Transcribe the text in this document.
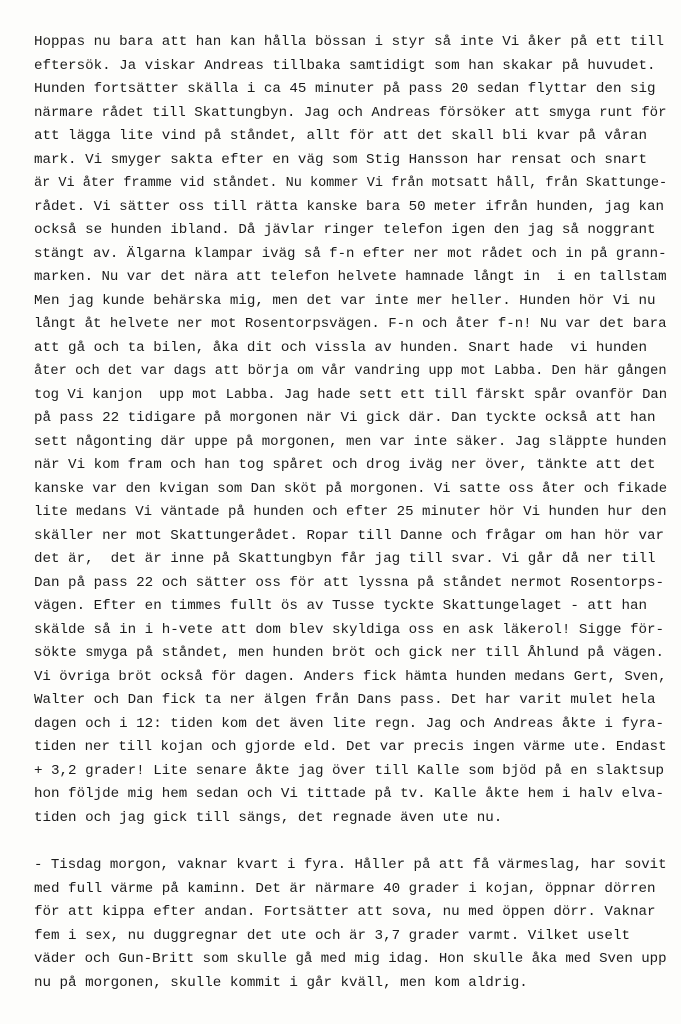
Hoppas nu bara att han kan hålla bössan i styr så inte Vi åker på ett till
eftersök. Ja viskar Andreas tillbaka samtidigt som han skakar på huvudet.
Hunden fortsätter skälla i ca 45 minuter på pass 20 sedan flyttar den sig
närmare rådet till Skattungbyn. Jag och Andreas försöker att smyga runt för
att lägga lite vind på ståndet, allt för att det skall bli kvar på våran
mark. Vi smyger sakta efter en väg som Stig Hansson har rensat och snart
är Vi åter framme vid ståndet. Nu kommer Vi från motsatt håll, från Skattunge-
rådet. Vi sätter oss till rätta kanske bara 50 meter ifrån hunden, jag kan
också se hunden ibland. Då jävlar ringer telefon igen den jag så noggrant
stängt av. Älgarna klampar iväg så f-n efter ner mot rådet och in på grann-
marken. Nu var det nära att telefon helvete hamnade långt in  i en tallstam
Men jag kunde behärska mig, men det var inte mer heller. Hunden hör Vi nu
långt åt helvete ner mot Rosentorpsvägen. F-n och åter f-n! Nu var det bara
att gå och ta bilen, åka dit och vissla av hunden. Snart hade  vi hunden
åter och det var dags att börja om vår vandring upp mot Labba. Den här gången
tog Vi kanjon  upp mot Labba. Jag hade sett ett till färskt spår ovanför Dan
på pass 22 tidigare på morgonen när Vi gick där. Dan tyckte också att han
sett någonting där uppe på morgonen, men var inte säker. Jag släppte hunden
när Vi kom fram och han tog spåret och drog iväg ner över, tänkte att det
kanske var den kvigan som Dan sköt på morgonen. Vi satte oss åter och fikade
lite medans Vi väntade på hunden och efter 25 minuter hör Vi hunden hur den
skäller ner mot Skattungerådet. Ropar till Danne och frågar om han hör var
det är,  det är inne på Skattungbyn får jag till svar. Vi går då ner till
Dan på pass 22 och sätter oss för att lyssna på ståndet nermot Rosentorps-
vägen. Efter en timmes fullt ös av Tusse tyckte Skattungelaget - att han
skälde så in i h-vete att dom blev skyldiga oss en ask läkerol! Sigge för-
sökte smyga på ståndet, men hunden bröt och gick ner till Åhlund på vägen.
Vi övriga bröt också för dagen. Anders fick hämta hunden medans Gert, Sven,
Walter och Dan fick ta ner älgen från Dans pass. Det har varit mulet hela
dagen och i 12: tiden kom det även lite regn. Jag och Andreas åkte i fyra-
tiden ner till kojan och gjorde eld. Det var precis ingen värme ute. Endast
+ 3,2 grader! Lite senare åkte jag över till Kalle som bjöd på en slaktsup
hon följde mig hem sedan och Vi tittade på tv. Kalle åkte hem i halv elva-
tiden och jag gick till sängs, det regnade även ute nu.
- Tisdag morgon, vaknar kvart i fyra. Håller på att få värmeslag, har sovit
med full värme på kaminn. Det är närmare 40 grader i kojan, öppnar dörren
för att kippa efter andan. Fortsätter att sova, nu med öppen dörr. Vaknar
fem i sex, nu duggregnar det ute och är 3,7 grader varmt. Vilket uselt
väder och Gun-Britt som skulle gå med mig idag. Hon skulle åka med Sven upp
nu på morgonen, skulle kommit i går kväll, men kom aldrig.
